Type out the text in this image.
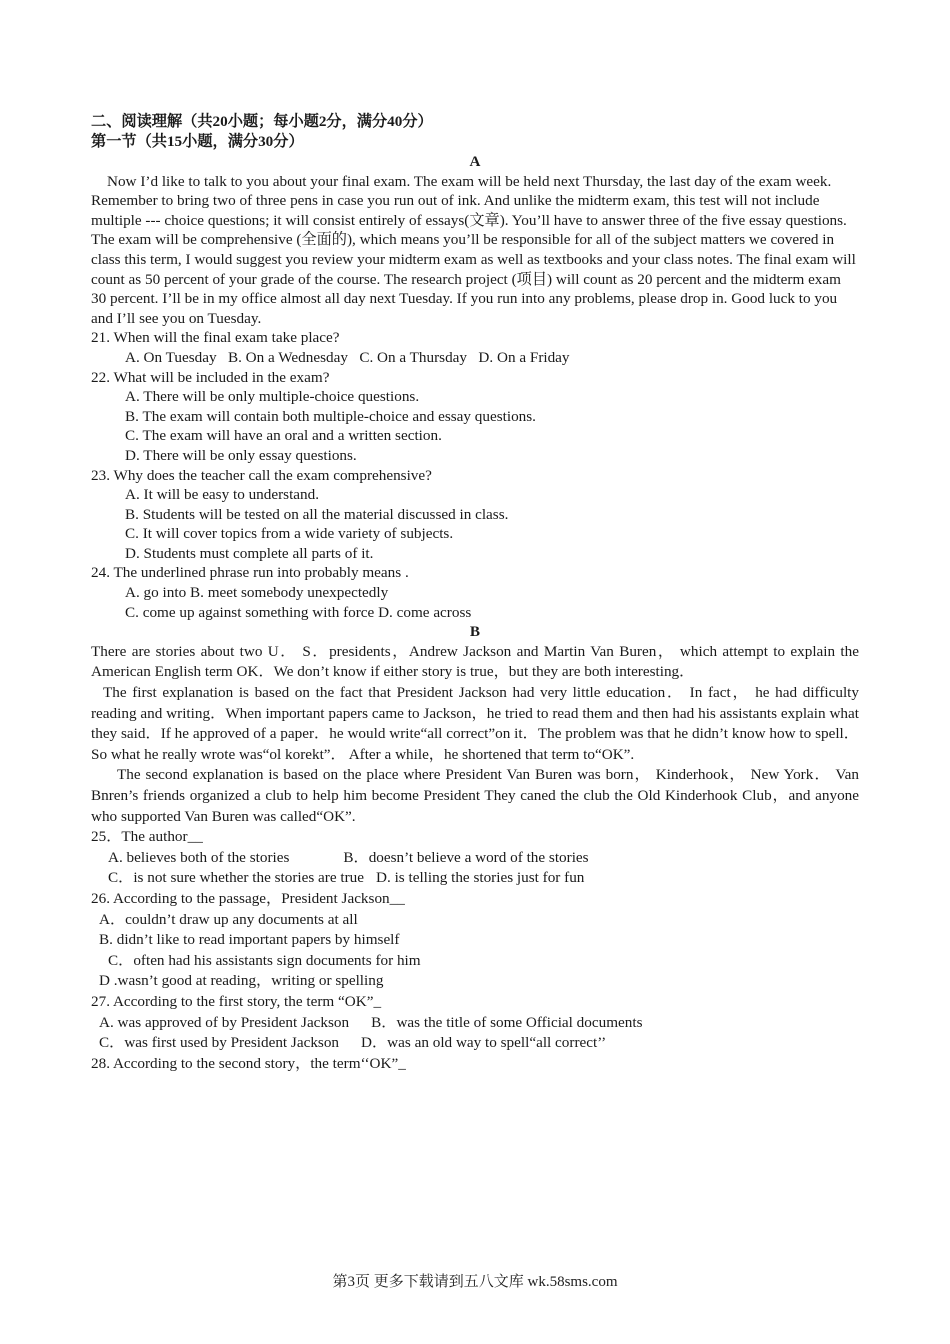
二、阅读理解（共20小题；每小题2分，满分40分）
第一节（共15小题，满分30分）
A

Now I’d like to talk to you about your final exam. The exam will be held next Thursday, the last day of the exam week. Remember to bring two of three pens in case you run out of ink. And unlike the midterm exam, this test will not include multiple --- choice questions; it will consist entirely of essays(文章). You’ll have to answer three of the five essay questions. The exam will be comprehensive (全面的), which means you’ll be responsible for all of the subject matters we covered in class this term, I would suggest you review your midterm exam as well as textbooks and your class notes. The final exam will count as 50 percent of your grade of the course. The research project (项目) will count as 20 percent and the midterm exam 30 percent. I’ll be in my office almost all day next Tuesday. If you run into any problems, please drop in. Good luck to you and I’ll see you on Tuesday.

21. When will the final exam take place?

A. On Tuesday   B. On a Wednesday   C. On a Thursday   D. On a Friday

22. What will be included in the exam?

A. There will be only multiple-choice questions.

B. The exam will contain both multiple-choice and essay questions.

C. The exam will have an oral and a written section.

D. There will be only essay questions.

23. Why does the teacher call the exam comprehensive?

A. It will be easy to understand.

B. Students will be tested on all the material discussed in class.

C. It will cover topics from a wide variety of subjects.

D. Students must complete all parts of it.

24. The underlined phrase run into probably means .

A. go into B. meet somebody unexpectedly

C. come up against something with force D. come across

B

There are stories about two U． S．presidents，Andrew Jackson and Martin Van Buren， which attempt to explain the American English term OK．We don’t know if either story is true，but they are both interesting．

The first explanation is based on the fact that President Jackson had very little education． In fact， he had difficulty reading and writing．When important papers came to Jackson，he tried to read them and then had his assistants explain what they said．If he approved of a paper．he would write“all correct”on it．The problem was that he didn’t know how to spell． So what he really wrote was“ol korekt”． After a while，he shortened that term to“OK”.

The second explanation is based on the place where President Van Buren was born， Kinderhook， New York． Van Bnren’s friends organized a club to help him become President They caned the club the Old Kinderhook Club，and anyone who supported Van Buren was called“OK”.

25．The author__

A. believes both of the stories	B．doesn’t believe a word of the stories

C．is not sure whether the stories are true D. is telling the stories just for fun

26. According to the passage，President Jackson__

A．couldn’t draw up any documents at all

B. didn’t like to read important papers by himself

C．often had his assistants sign documents for him

D .wasn’t good at reading，writing or spelling

27. According to the first story, the term “OK”_

A. was approved of by President Jackson B．was the title of some Official documents

C．was first used by President Jackson D．was an old way to spell“all correct’’

28. According to the second story，the term‘‘OK”_

第3页 更多下载请到五八文库 wk.58sms.com
